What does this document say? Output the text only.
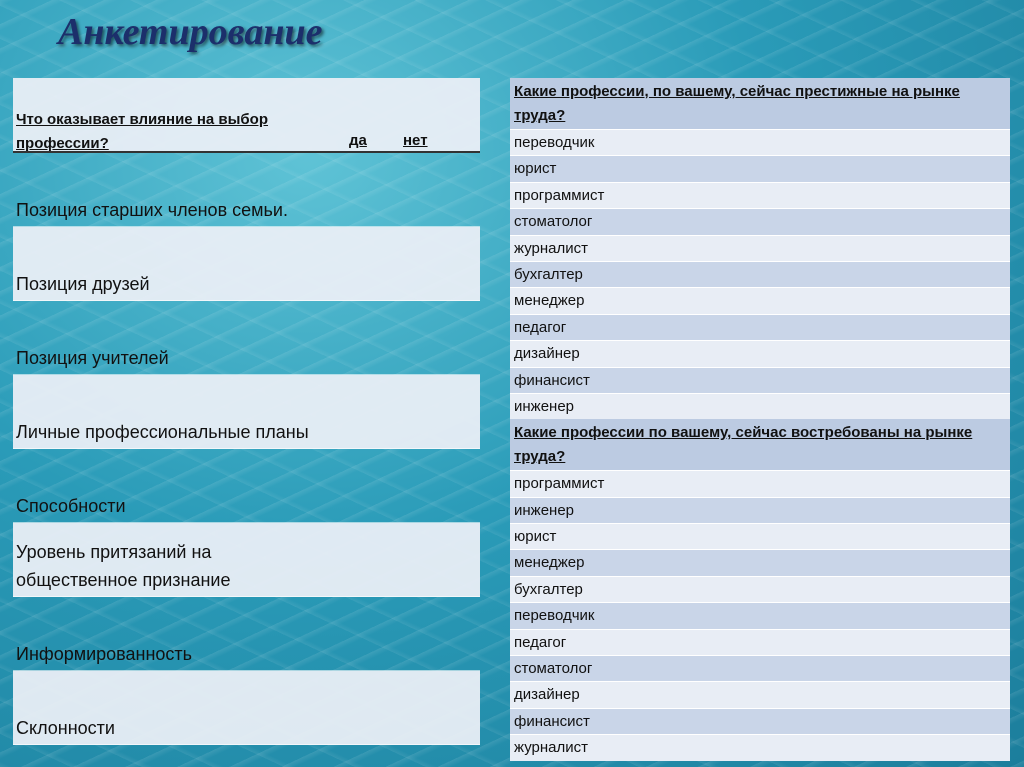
Анкетирование
Что оказывает влияние на выбор профессии?	да нет
Позиция старших членов семьи.
Позиция друзей
Позиция учителей
Личные профессиональные планы
Способности
Уровень притязаний на общественное признание
Информированность
Склонности
Какие профессии, по вашему, сейчас престижные на рынке труда?
переводчик
юрист
программист
стоматолог
журналист
бухгалтер
менеджер
педагог
дизайнер
финансист
инженер
Какие профессии по вашему, сейчас востребованы на рынке труда?
программист
инженер
юрист
менеджер
бухгалтер
переводчик
педагог
стоматолог
дизайнер
финансист
журналист
